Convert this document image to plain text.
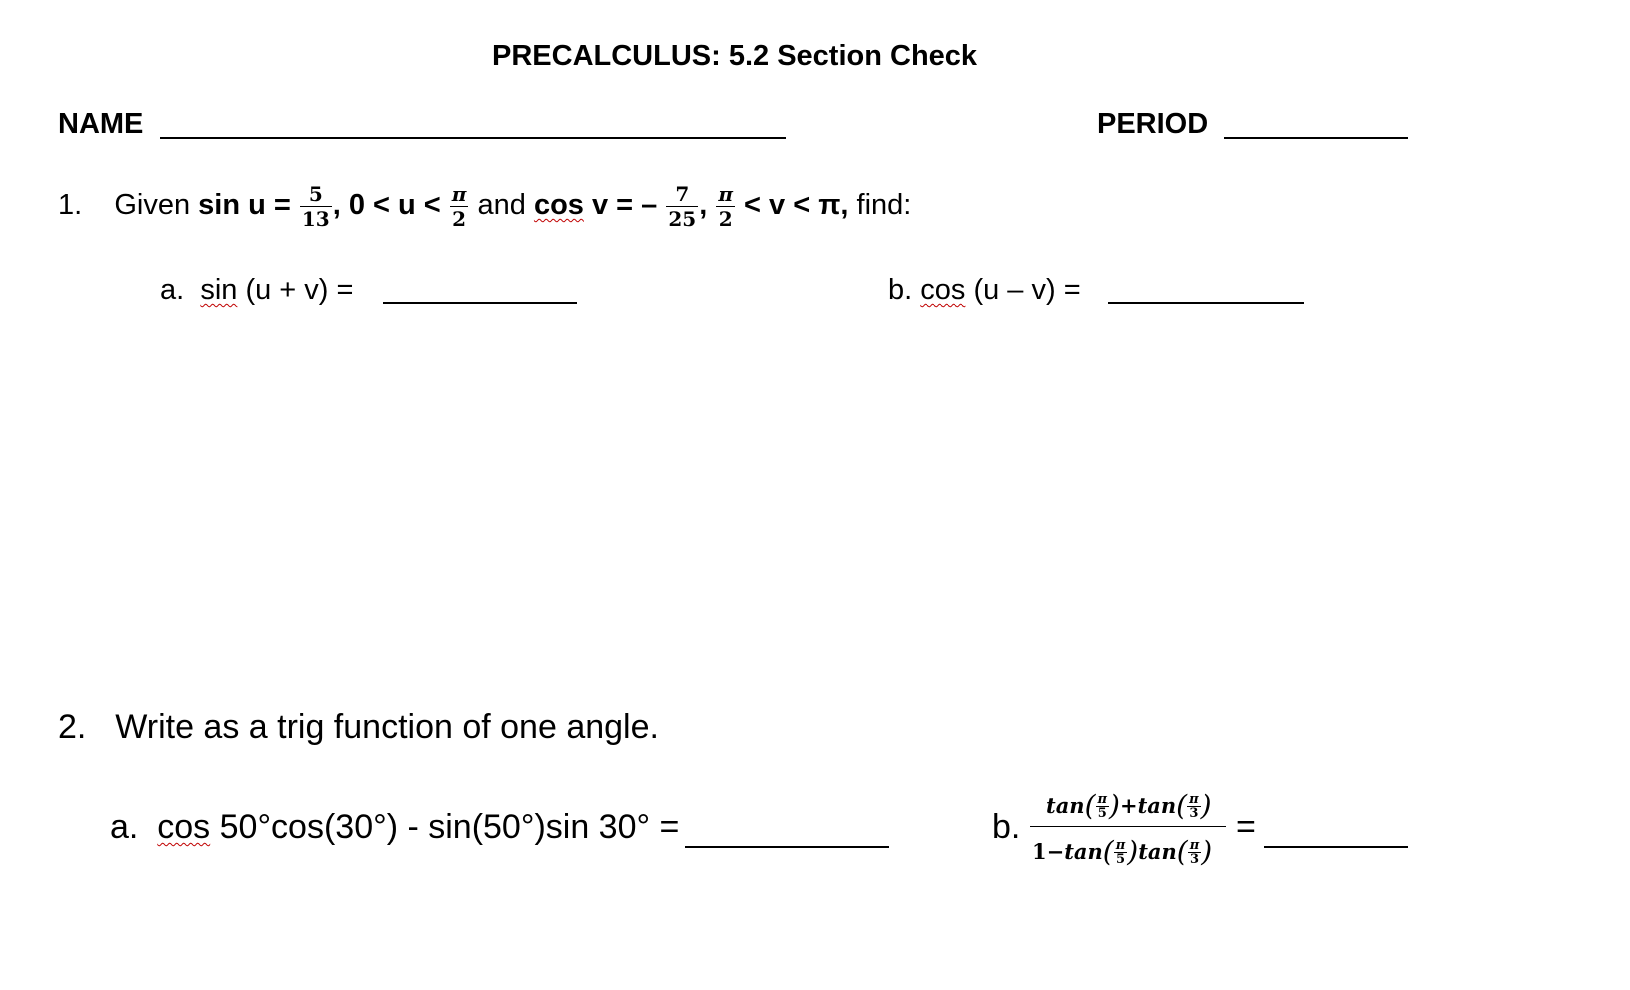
PRECALCULUS: 5.2 Section Check
NAME	PERIOD
1. Given $\sin u = \frac{5}{13}$ , $0 < u < \frac{\pi}{2}$ and cos v = – $\frac{7}{25}$ , $\frac{\pi}{2} < v < \pi$, find:
a. sin (u + v) =	b. cos (u – v) =
2. Write as a trig function of one angle.
a. cos 50°cos(30°) - sin(50°)sin 30° =	b.
tan ( $\frac{\pi}{5}$ ) + tan ( $\frac{\pi}{3}$ )
1− tan ( $\frac{\pi}{5}$ ) tan ( $\frac{\pi}{3}$ )
=
